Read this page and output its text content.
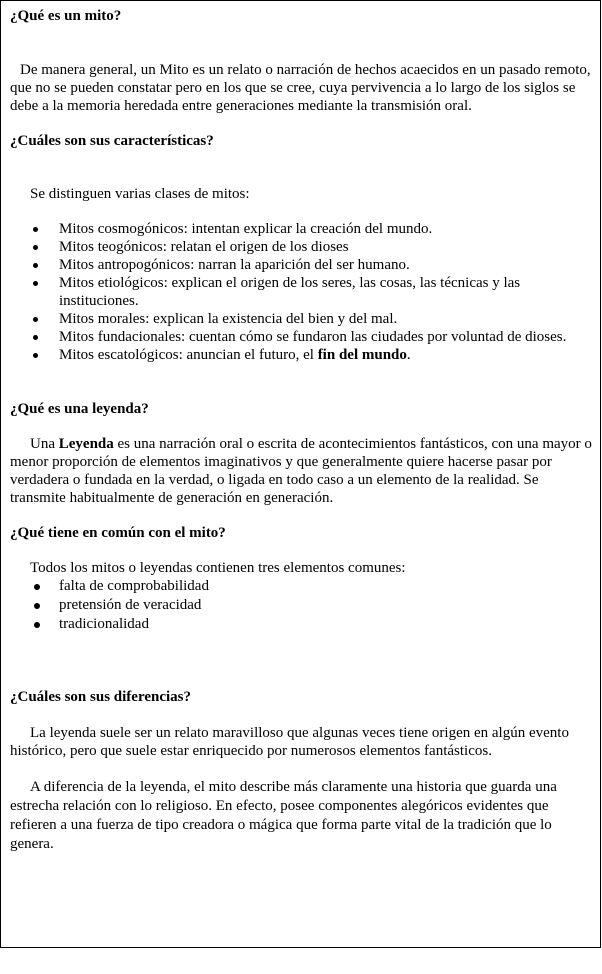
¿Qué es un mito?

De manera general, un Mito es un relato o narración de hechos acaecidos en un pasado remoto, que no se pueden constatar pero en los que se cree, cuya pervivencia a lo largo de los siglos se debe a la memoria heredada entre generaciones mediante la transmisión oral.

¿Cuáles son sus características?

Se distinguen varias clases de mitos:

Mitos cosmogónicos: intentan explicar la creación del mundo.
Mitos teogónicos: relatan el origen de los dioses
Mitos antropogónicos: narran la aparición del ser humano.
Mitos etiológicos: explican el origen de los seres, las cosas, las técnicas y las instituciones.
Mitos morales: explican la existencia del bien y del mal.
Mitos fundacionales: cuentan cómo se fundaron las ciudades por voluntad de dioses.
Mitos escatológicos: anuncian el futuro, el fin del mundo.
¿Qué es una leyenda?

Una Leyenda es una narración oral o escrita de acontecimientos fantásticos, con una mayor o menor proporción de elementos imaginativos y que generalmente quiere hacerse pasar por verdadera o fundada en la verdad, o ligada en todo caso a un elemento de la realidad. Se transmite habitualmente de generación en generación.

¿Qué tiene en común con el mito?

Todos los mitos o leyendas contienen tres elementos comunes:

falta de comprobabilidad
pretensión de veracidad
tradicionalidad
¿Cuáles son sus diferencias?

La leyenda suele ser un relato maravilloso que algunas veces tiene origen en algún evento histórico, pero que suele estar enriquecido por numerosos elementos fantásticos.

A diferencia de la leyenda, el mito describe más claramente una historia que guarda una estrecha relación con lo religioso. En efecto, posee componentes alegóricos evidentes que refieren a una fuerza de tipo creadora o mágica que forma parte vital de la tradición que lo genera.
